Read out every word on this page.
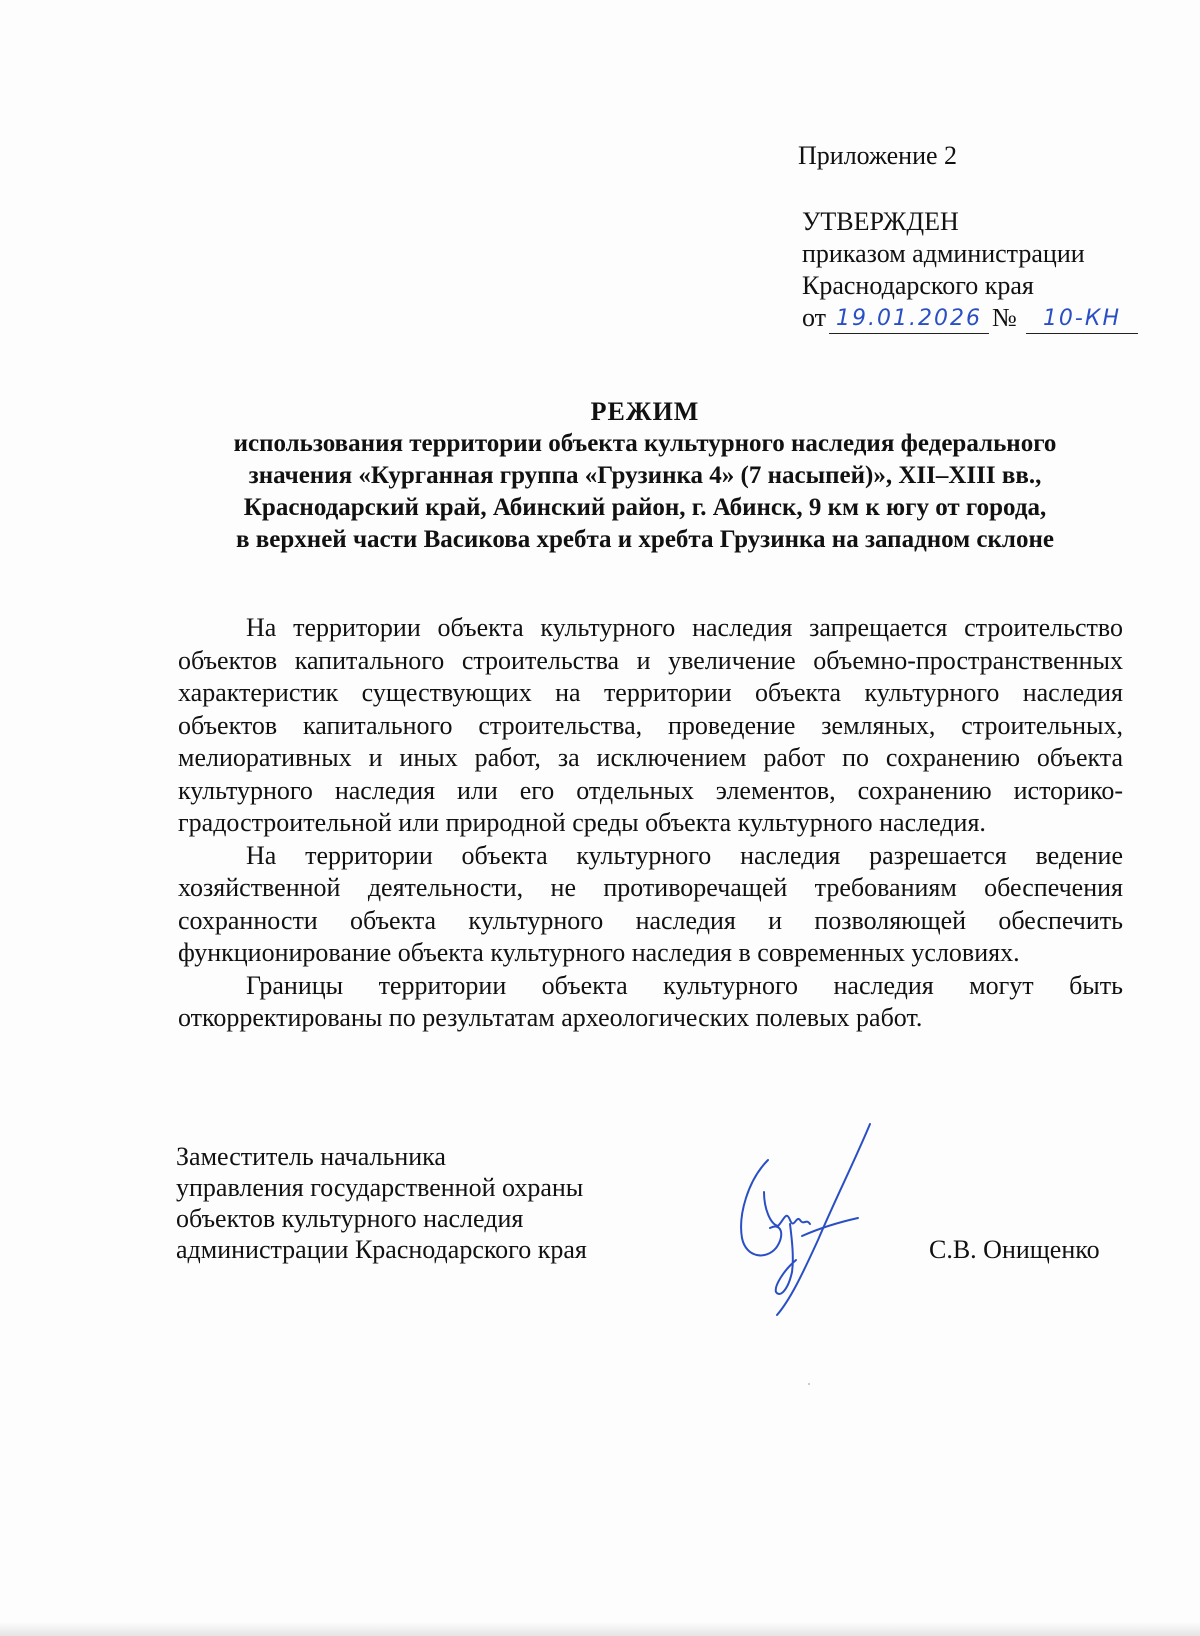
Приложение 2
УТВЕРЖДЕН
приказом администрации
Краснодарского края
от 19.01.2026 №	10-КН
РЕЖИМ
использования территории объекта культурного наследия федерального
значения «Курганная группа «Грузинка 4» (7 насыпей)», XII–XIII вв.,
Краснодарский край, Абинский район, г. Абинск, 9 км к югу от города,
в верхней части Васикова хребта и хребта Грузинка на западном склоне

На территории объекта культурного наследия запрещается строительство объектов капитального строительства и увеличение объемно-пространственных характеристик существующих на территории объекта культурного наследия объектов капитального строительства, проведение земляных, строительных, мелиоративных и иных работ, за исключением работ по сохранению объекта культурного наследия или его отдельных элементов, сохранению историко-градостроительной или природной среды объекта культурного наследия.

На территории объекта культурного наследия разрешается ведение хозяйственной деятельности, не противоречащей требованиям обеспечения сохранности объекта культурного наследия и позволяющей обеспечить функционирование объекта культурного наследия в современных условиях.

Границы территории объекта культурного наследия могут быть откорректированы по результатам археологических полевых работ.

Заместитель начальника
управления государственной охраны
объектов культурного наследия
администрации Краснодарского края	С.В. Онищенко
